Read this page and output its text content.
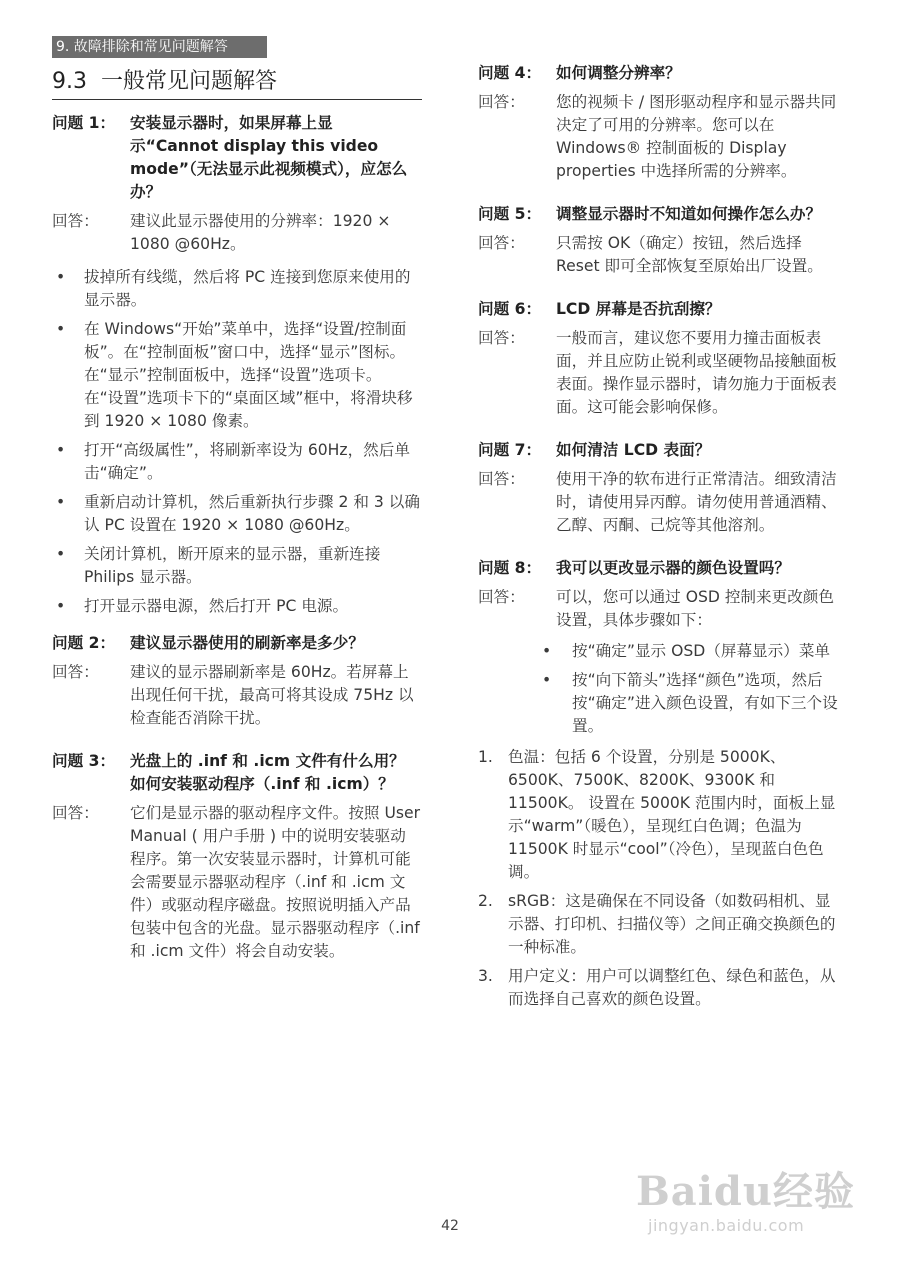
9. 故障排除和常见问题解答
9.3 一般常见问题解答
问题 1： 安装显示器时，如果屏幕上显示“Cannot display this video mode”（无法显示此视频模式），应怎么办？
回答：	建议此显示器使用的分辨率：1920 × 1080 @60Hz。
• 拔掉所有线缆，然后将 PC 连接到您原来使用的显示器。
• 在 Windows“开始”菜单中，选择“设置/控制面板”。在“控制面板”窗口中，选择“显示”图标。在“显示”控制面板中，选择“设置”选项卡。在“设置”选项卡下的“桌面区域”框中，将滑块移到 1920 × 1080 像素。
• 打开“高级属性”，将刷新率设为 60Hz，然后单击“确定”。
• 重新启动计算机，然后重新执行步骤 2 和 3 以确认 PC 设置在 1920 × 1080 @60Hz。
• 关闭计算机，断开原来的显示器，重新连接 Philips 显示器。
• 打开显示器电源，然后打开 PC 电源。
问题 2： 建议显示器使用的刷新率是多少？
回答：	建议的显示器刷新率是 60Hz。若屏幕上出现任何干扰，最高可将其设成 75Hz 以检查能否消除干扰。
问题 3： 光盘上的 .inf 和 .icm 文件有什么用？如何安装驱动程序（.inf 和 .icm）？
回答：	它们是显示器的驱动程序文件。按照 User Manual ( 用户手册 ) 中的说明安装驱动程序。第一次安装显示器时，计算机可能会需要显示器驱动程序（.inf 和 .icm 文件）或驱动程序磁盘。按照说明插入产品包装中包含的光盘。显示器驱动程序（.inf 和 .icm 文件）将会自动安装。
问题 4： 如何调整分辨率？
回答：	您的视频卡 / 图形驱动程序和显示器共同决定了可用的分辨率。您可以在 Windows® 控制面板的 Display properties 中选择所需的分辨率。
问题 5： 调整显示器时不知道如何操作怎么办？
回答：	只需按 OK（确定）按钮，然后选择 Reset 即可全部恢复至原始出厂设置。
问题 6： LCD 屏幕是否抗刮擦？
回答：	一般而言，建议您不要用力撞击面板表面，并且应防止锐利或坚硬物品接触面板表面。操作显示器时，请勿施力于面板表面。这可能会影响保修。
问题 7： 如何清洁 LCD 表面？
回答：	使用干净的软布进行正常清洁。细致清洁时，请使用异丙醇。请勿使用普通酒精、乙醇、丙酮、己烷等其他溶剂。
问题 8： 我可以更改显示器的颜色设置吗？
回答：	可以，您可以通过 OSD 控制来更改颜色设置，具体步骤如下：
• 按“确定”显示 OSD（屏幕显示）菜单
• 按“向下箭头”选择“颜色”选项，然后按“确定”进入颜色设置，有如下三个设置。
1. 色温：包括 6 个设置，分别是 5000K、6500K、7500K、8200K、9300K 和 11500K。 设置在 5000K 范围内时，面板上显示“warm”（暖色），呈现红白色调；色温为 11500K 时显示“cool”（冷色），呈现蓝白色色调。
2. sRGB：这是确保在不同设备（如数码相机、显示器、打印机、扫描仪等）之间正确交换颜色的一种标准。
3. 用户定义：用户可以调整红色、绿色和蓝色，从而选择自己喜欢的颜色设置。
42
Baidu经验
jingyan.baidu.com
